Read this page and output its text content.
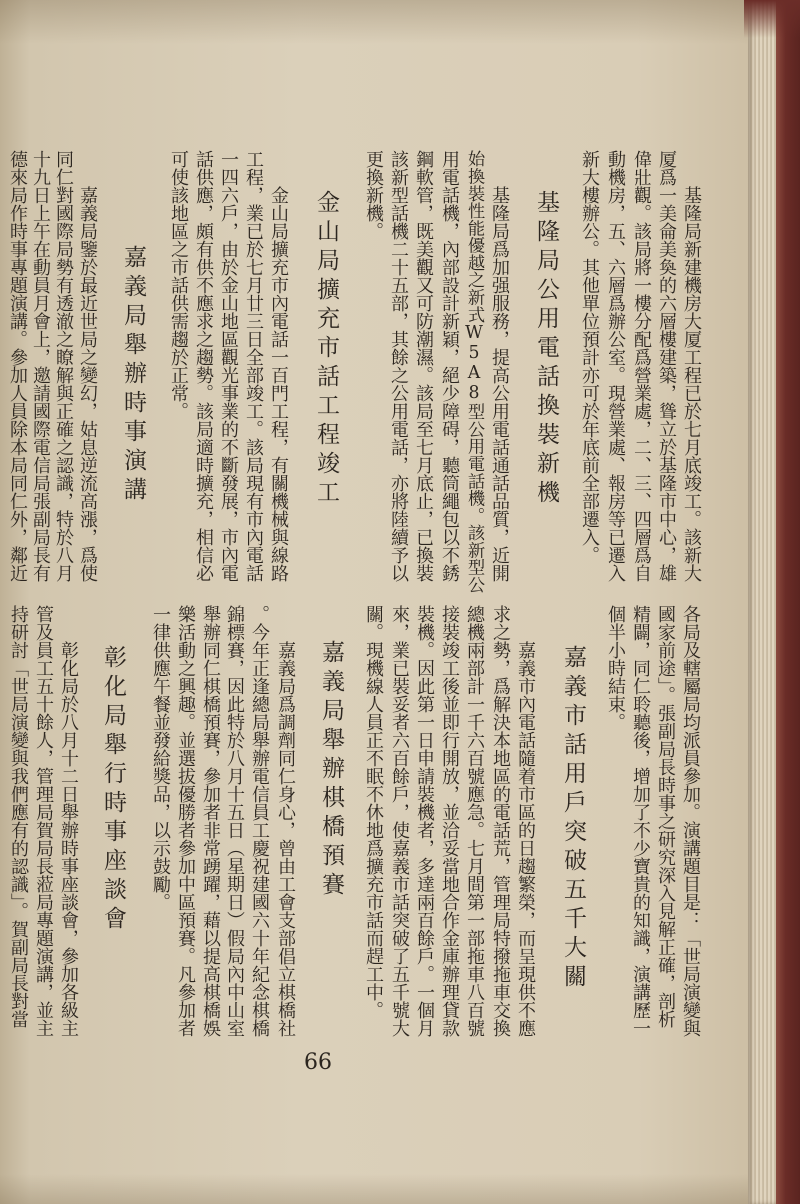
基隆局新建機房大厦工程已於七月底竣工。該新大
厦爲一美侖美奐的六層樓建築，聳立於基隆市中心，雄
偉壯觀。該局將一樓分配爲營業處，二、三、四層爲自
動機房，五、六層爲辦公室。現營業處、報房等已遷入
新大樓辦公。其他單位預計亦可於年底前全部遷入。
基隆局公用電話換裝新機
基隆局爲加强服務，提高公用電話通話品質，近開
始換裝性能優越之新式W5A8型公用電話機。該新型公
用電話機，內部設計新穎，絕少障碍，聽筒繩包以不銹
鋼軟管，既美觀又可防潮濕。該局至七月底止，已換裝
該新型話機二十五部，其餘之公用電話，亦將陸續予以
更換新機。
金山局擴充市話工程竣工
金山局擴充市內電話一百門工程，有關機械與線路
工程，業已於七月廿三日全部竣工。該局現有市內電話
一四六戶，由於金山地區觀光事業的不斷發展，市內電
話供應，頗有供不應求之趨勢。該局適時擴充，相信必
可使該地區之市話供需趨於正常。
嘉義局舉辦時事演講
嘉義局鑒於最近世局之變幻，姑息逆流高漲，爲使
同仁對國際局勢有透澈之瞭解與正確之認識，特於八月
十九日上午在動員月會上，邀請國際電信局張副局長有
德來局作時事專題演講。參加人員除本局同仁外，鄰近
各局及轄屬局均派員參加。演講題目是：「世局演變與
國家前途」。張副局長時事之研究深入見解正確，剖析
精闢，同仁聆聽後，增加了不少寶貴的知識，演講歷一
個半小時結束。
嘉義市話用戶突破五千大關
嘉義市內電話隨着市區的日趨繁榮，而呈現供不應
求之勢，爲解決本地區的電話荒，管理局特撥拖車交換
總機兩部計一千六百號應急。七月間第一部拖車八百號
接裝竣工後並即行開放，並洽妥當地合作金庫辦理貸款
裝機。因此第一日申請裝機者，多達兩百餘戶。一個月
來，業已裝妥者六百餘戶，使嘉義市話突破了五千號大
關。現機線人員正不眠不休地爲擴充市話而趕工中。
嘉義局舉辦棋橋預賽
嘉義局爲調劑同仁身心，曾由工會支部倡立棋橋社
。今年正逢總局舉辦電信員工慶祝建國六十年紀念棋橋
錦標賽，因此特於八月十五日（星期日）假局內中山室
舉辦同仁棋橋預賽，參加者非常踴躍，藉以提高棋橋娛
樂活動之興趣。並選拔優勝者參加中區預賽。凡參加者
一律供應午餐並發給獎品，以示鼓勵。
彰化局舉行時事座談會
彰化局於八月十二日舉辦時事座談會，參加各級主
管及員工五十餘人，管理局賀局長蒞局專題演講，並主
持研討「世局演變與我們應有的認識」。賀副局長對當
66
